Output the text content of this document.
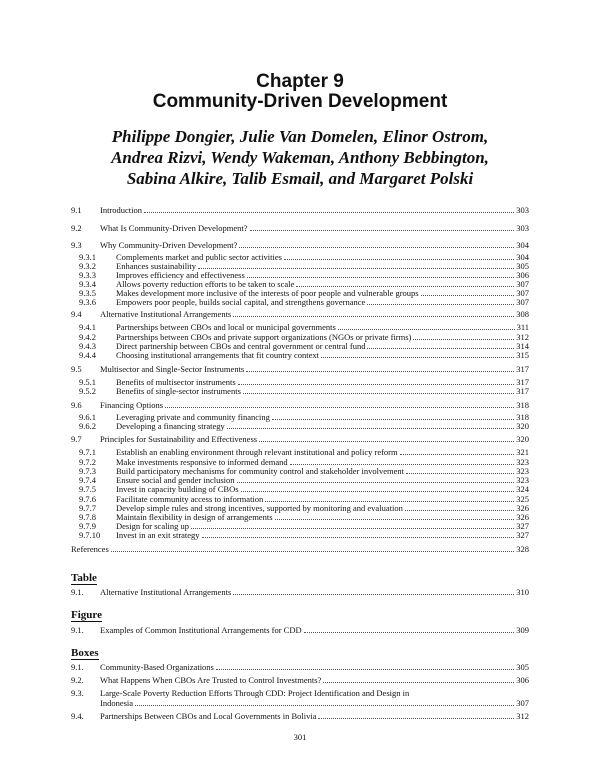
Chapter 9
Community-Driven Development
Philippe Dongier, Julie Van Domelen, Elinor Ostrom,
Andrea Rizvi, Wendy Wakeman, Anthony Bebbington,
Sabina Alkire, Talib Esmail, and Margaret Polski
9.1	Introduction	303
9.2	What Is Community-Driven Development?	303
9.3	Why Community-Driven Development?	304
9.3.1	Complements market and public sector activities	304
9.3.2	Enhances sustainability	305
9.3.3	Improves efficiency and effectiveness	306
9.3.4	Allows poverty reduction efforts to be taken to scale	307
9.3.5	Makes development more inclusive of the interests of poor people and vulnerable groups	307
9.3.6	Empowers poor people, builds social capital, and strengthens governance	307
9.4	Alternative Institutional Arrangements	308
9.4.1	Partnerships between CBOs and local or municipal governments	311
9.4.2	Partnerships between CBOs and private support organizations (NGOs or private firms)	312
9.4.3	Direct partnership between CBOs and central government or central fund	314
9.4.4	Choosing institutional arrangements that fit country context	315
9.5	Multisector and Single-Sector Instruments	317
9.5.1	Benefits of multisector instruments	317
9.5.2	Benefits of single-sector instruments	317
9.6	Financing Options	318
9.6.1	Leveraging private and community financing	318
9.6.2	Developing a financing strategy	320
9.7	Principles for Sustainability and Effectiveness	320
9.7.1	Establish an enabling environment through relevant institutional and policy reform	321
9.7.2	Make investments responsive to informed demand	323
9.7.3	Build participatory mechanisms for community control and stakeholder involvement	323
9.7.4	Ensure social and gender inclusion	323
9.7.5	Invest in capacity building of CBOs	324
9.7.6	Facilitate community access to information	325
9.7.7	Develop simple rules and strong incentives, supported by monitoring and evaluation	326
9.7.8	Maintain flexibility in design of arrangements	326
9.7.9	Design for scaling up	327
9.7.10	Invest in an exit strategy	327
References	328
Table
9.1.	Alternative Institutional Arrangements	310
Figure
9.1.	Examples of Common Institutional Arrangements for CDD	309
Boxes
9.1.	Community-Based Organizations	305
9.2.	What Happens When CBOs Are Trusted to Control Investments?	306
9.3.	Large-Scale Poverty Reduction Efforts Through CDD: Project Identification and Design in
Indonesia	307
9.4.	Partnerships Between CBOs and Local Governments in Bolivia	312
301
